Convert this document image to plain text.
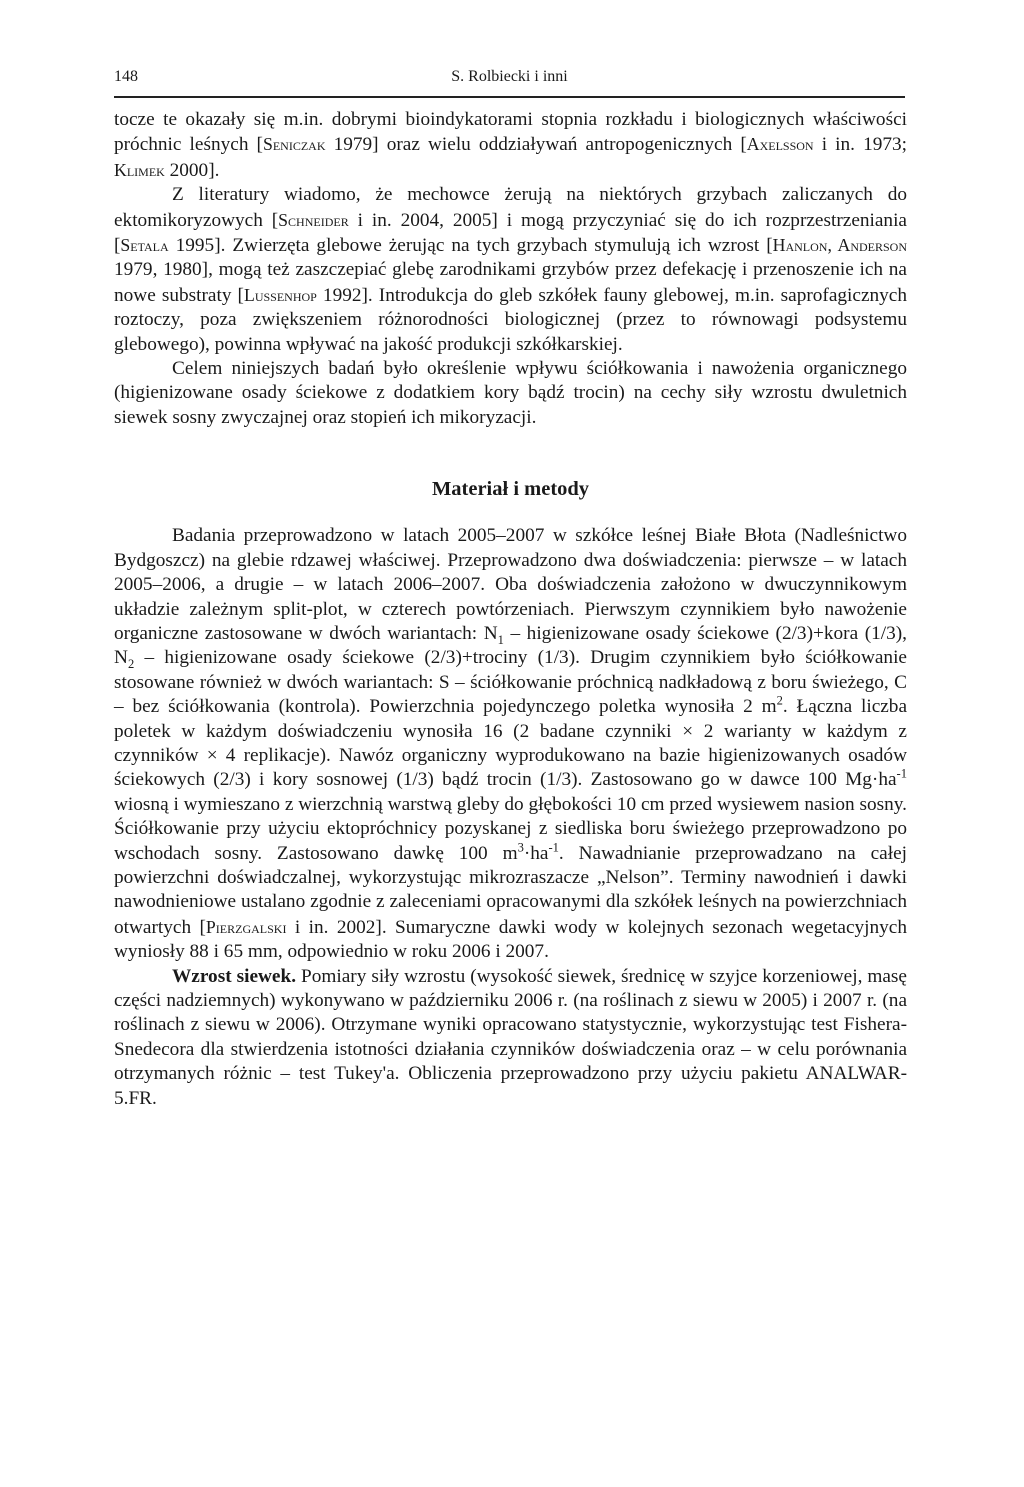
148	S. Rolbiecki i inni

tocze te okazały się m.in. dobrymi bioindykatorami stopnia rozkładu i biologicznych właściwości próchnic leśnych [Seniczak 1979] oraz wielu oddziaływań antropogenicznych [Axelsson i in. 1973; Klimek 2000].

Z literatury wiadomo, że mechowce żerują na niektórych grzybach zaliczanych do ektomikoryzowych [Schneider i in. 2004, 2005] i mogą przyczyniać się do ich rozprzestrzeniania [Setala 1995]. Zwierzęta glebowe żerując na tych grzybach stymulują ich wzrost [Hanlon, Anderson 1979, 1980], mogą też zaszczepiać glebę zarodnikami grzybów przez defekację i przenoszenie ich na nowe substraty [Lussenhop 1992]. Introdukcja do gleb szkółek fauny glebowej, m.in. saprofagicznych roztoczy, poza zwiększeniem różnorodności biologicznej (przez to równowagi podsystemu glebowego), powinna wpływać na jakość produkcji szkółkarskiej.

Celem niniejszych badań było określenie wpływu ściółkowania i nawożenia organicznego (higienizowane osady ściekowe z dodatkiem kory bądź trocin) na cechy siły wzrostu dwuletnich siewek sosny zwyczajnej oraz stopień ich mikoryzacji.

Materiał i metody

Badania przeprowadzono w latach 2005–2007 w szkółce leśnej Białe Błota (Nadleśnictwo Bydgoszcz) na glebie rdzawej właściwej. Przeprowadzono dwa doświadczenia: pierwsze – w latach 2005–2006, a drugie – w latach 2006–2007. Oba doświadczenia założono w dwuczynnikowym układzie zależnym split-plot, w czterech powtórzeniach. Pierwszym czynnikiem było nawożenie organiczne zastosowane w dwóch wariantach: $N_1$ – higienizowane osady ściekowe (2/3)+kora (1/3), $N_2$ – higienizowane osady ściekowe (2/3)+trociny (1/3). Drugim czynnikiem było ściółkowanie stosowane również w dwóch wariantach: S – ściółkowanie próchnicą nadkładową z boru świeżego, C – bez ściółkowania (kontrola). Powierzchnia pojedynczego poletka wynosiła 2 $m^2$. Łączna liczba poletek w każdym doświadczeniu wynosiła 16 (2 badane czynniki × 2 warianty w każdym z czynników × 4 replikacje). Nawóz organiczny wyprodukowano na bazie higienizowanych osadów ściekowych (2/3) i kory sosnowej (1/3) bądź trocin (1/3). Zastosowano go w dawce 100 $Mg\cdot ha^{-1}$ wiosną i wymieszano z wierzchnią warstwą gleby do głębokości 10 cm przed wysiewem nasion sosny. Ściółkowanie przy użyciu ektopróchnicy pozyskanej z siedliska boru świeżego przeprowadzono po wschodach sosny. Zastosowano dawkę 100 $m^3\cdot ha^{-1}$. Nawadnianie przeprowadzano na całej powierzchni doświadczalnej, wykorzystując mikrozraszacze „Nelson”. Terminy nawodnień i dawki nawodnieniowe ustalano zgodnie z zaleceniami opracowanymi dla szkółek leśnych na powierzchniach otwartych [Pierzgalski i in. 2002]. Sumaryczne dawki wody w kolejnych sezonach wegetacyjnych wyniosły 88 i 65 mm, odpowiednio w roku 2006 i 2007.

Wzrost siewek. Pomiary siły wzrostu (wysokość siewek, średnicę w szyjce korzeniowej, masę części nadziemnych) wykonywano w październiku 2006 r. (na roślinach z siewu w 2005) i 2007 r. (na roślinach z siewu w 2006). Otrzymane wyniki opracowano statystycznie, wykorzystując test Fishera-Snedecora dla stwierdzenia istotności działania czynników doświadczenia oraz – w celu porównania otrzymanych różnic – test Tukey'a. Obliczenia przeprowadzono przy użyciu pakietu ANALWAR-5.FR.
